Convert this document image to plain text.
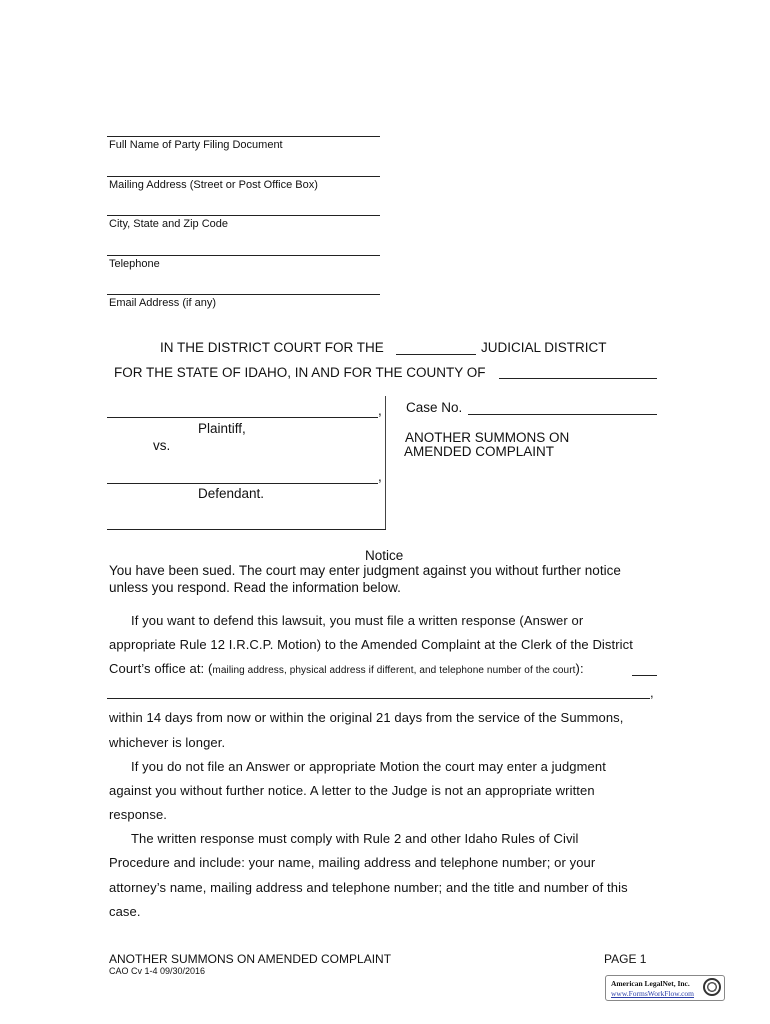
Full Name of Party Filing Document
Mailing Address (Street or Post Office Box)
City, State and Zip Code
Telephone
Email Address (if any)
IN THE DISTRICT COURT FOR THE	JUDICIAL DISTRICT
FOR THE STATE OF IDAHO, IN AND FOR THE COUNTY OF
,
Plaintiff,
vs.
,
Defendant.
Case No.
ANOTHER SUMMONS ON
AMENDED COMPLAINT
Notice
You have been sued. The court may enter judgment against you without further notice
unless you respond. Read the information below.
If you want to defend this lawsuit, you must file a written response (Answer or
appropriate Rule 12 I.R.C.P. Motion) to the Amended Complaint at the Clerk of the District
Court’s office at: (mailing address, physical address if different, and telephone number of the court):
,
within 14 days from now or within the original 21 days from the service of the Summons,
whichever is longer.
If you do not file an Answer or appropriate Motion the court may enter a judgment
against you without further notice. A letter to the Judge is not an appropriate written
response.
The written response must comply with Rule 2 and other Idaho Rules of Civil
Procedure and include: your name, mailing address and telephone number; or your
attorney’s name, mailing address and telephone number; and the title and number of this
case.
ANOTHER SUMMONS ON AMENDED COMPLAINT
CAO Cv 1-4 09/30/2016
PAGE 1
American LegalNet, Inc.
www.FormsWorkFlow.com
